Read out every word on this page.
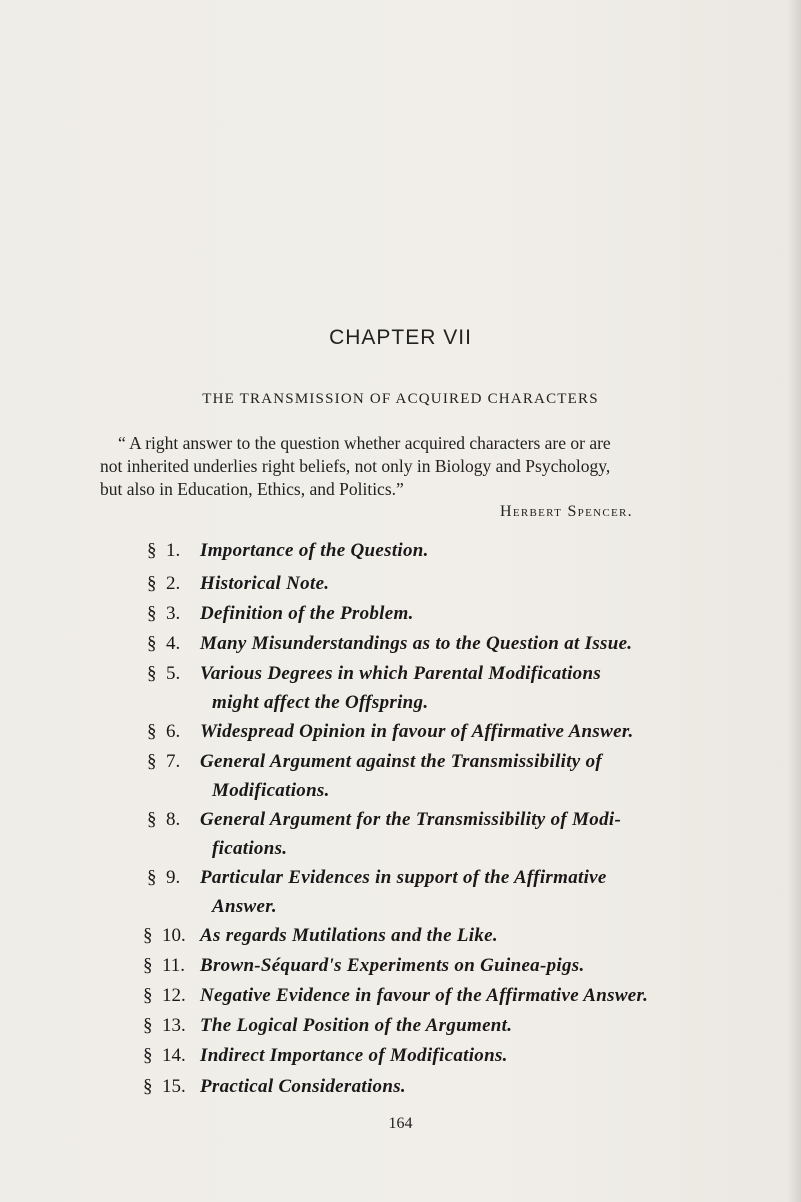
CHAPTER VII
THE TRANSMISSION OF ACQUIRED CHARACTERS
“ A right answer to the question whether acquired characters are or are
not inherited underlies right beliefs, not only in Biology and Psychology,
but also in Education, Ethics, and Politics.”
Herbert Spencer.
§ 1. Importance of the Question.
§ 2. Historical Note.
§ 3. Definition of the Problem.
§ 4. Many Misunderstandings as to the Question at Issue.
§ 5. Various Degrees in which Parental Modifications
might affect the Offspring.
§ 6. Widespread Opinion in favour of Affirmative Answer.
§ 7. General Argument against the Transmissibility of
Modifications.
§ 8. General Argument for the Transmissibility of Modi-
fications.
§ 9. Particular Evidences in support of the Affirmative
Answer.
§ 10. As regards Mutilations and the Like.
§ 11. Brown-Séquard's Experiments on Guinea-pigs.
§ 12. Negative Evidence in favour of the Affirmative Answer.
§ 13. The Logical Position of the Argument.
§ 14. Indirect Importance of Modifications.
§ 15. Practical Considerations.
164
